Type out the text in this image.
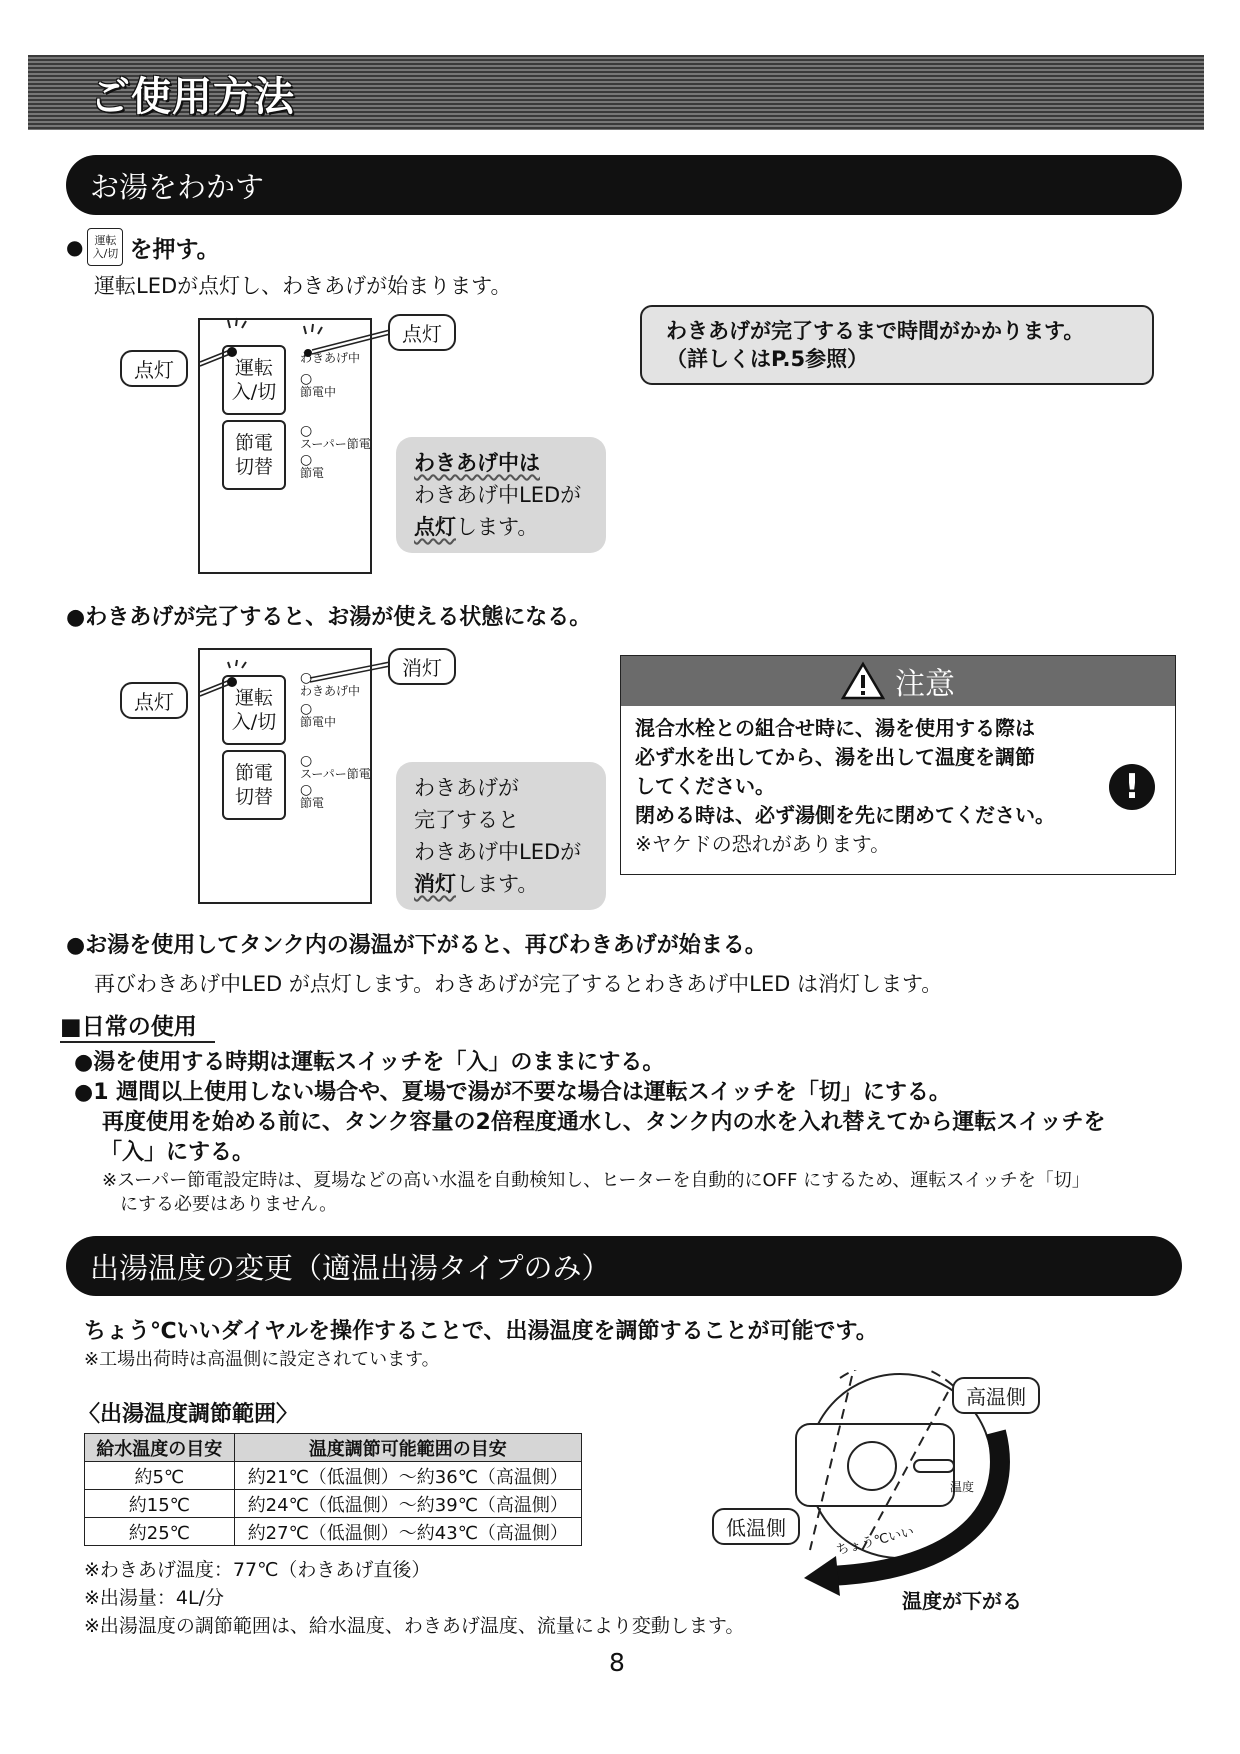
ご使用方法
お湯をわかす
●	運転
入/切 を押す。
運転LEDが点灯し、わきあげが始まります。
点灯
点灯
運転
入/切
節電
切替
わきあげ中
○
節電中
○
スーパー節電
○
節電	わきあげ中は
わきあげ中LEDが
点灯します。
わきあげが完了するまで時間がかかります。
（詳しくはP.5参照）
●わきあげが完了すると、お湯が使える状態になる。
点灯
消灯
運転
入/切
節電
切替
○
わきあげ中
○
節電中
○
スーパー節電
○
節電
わきあげが
完了すると
わきあげ中LEDが
消灯します。
注意
混合水栓との組合せ時に、湯を使用する際は
必ず水を出してから、湯を出して温度を調節
してください。
閉める時は、必ず湯側を先に閉めてください。
※ヤケドの恐れがあります。
!
●お湯を使用してタンク内の湯温が下がると、再びわきあげが始まる。
再びわきあげ中LED が点灯します。わきあげが完了するとわきあげ中LED は消灯します。
■日常の使用
●湯を使用する時期は運転スイッチを「入」のままにする。
●1 週間以上使用しない場合や、夏場で湯が不要な場合は運転スイッチを「切」にする。
再度使用を始める前に、タンク容量の2倍程度通水し、タンク内の水を入れ替えてから運転スイッチを
「入」にする。
※スーパー節電設定時は、夏場などの高い水温を自動検知し、ヒーターを自動的にOFF にするため、運転スイッチを「切」
にする必要はありません。
出湯温度の変更（適温出湯タイプのみ）
ちょう℃いいダイヤルを操作することで、出湯温度を調節することが可能です。
※工場出荷時は高温側に設定されています。
〈出湯温度調節範囲〉
給水温度の目安	温度調節可能範囲の目安
約5℃	約21℃（低温側）〜約36℃（高温側）
約15℃	約24℃（低温側）〜約39℃（高温側）
約25℃	約27℃（低温側）〜約43℃（高温側）
※わきあげ温度：77℃（わきあげ直後）
※出湯量：4L/分
※出湯温度の調節範囲は、給水温度、わきあげ温度、流量により変動します。
高温側
低温側
温度
ちょう℃いい
温度が下がる
8
